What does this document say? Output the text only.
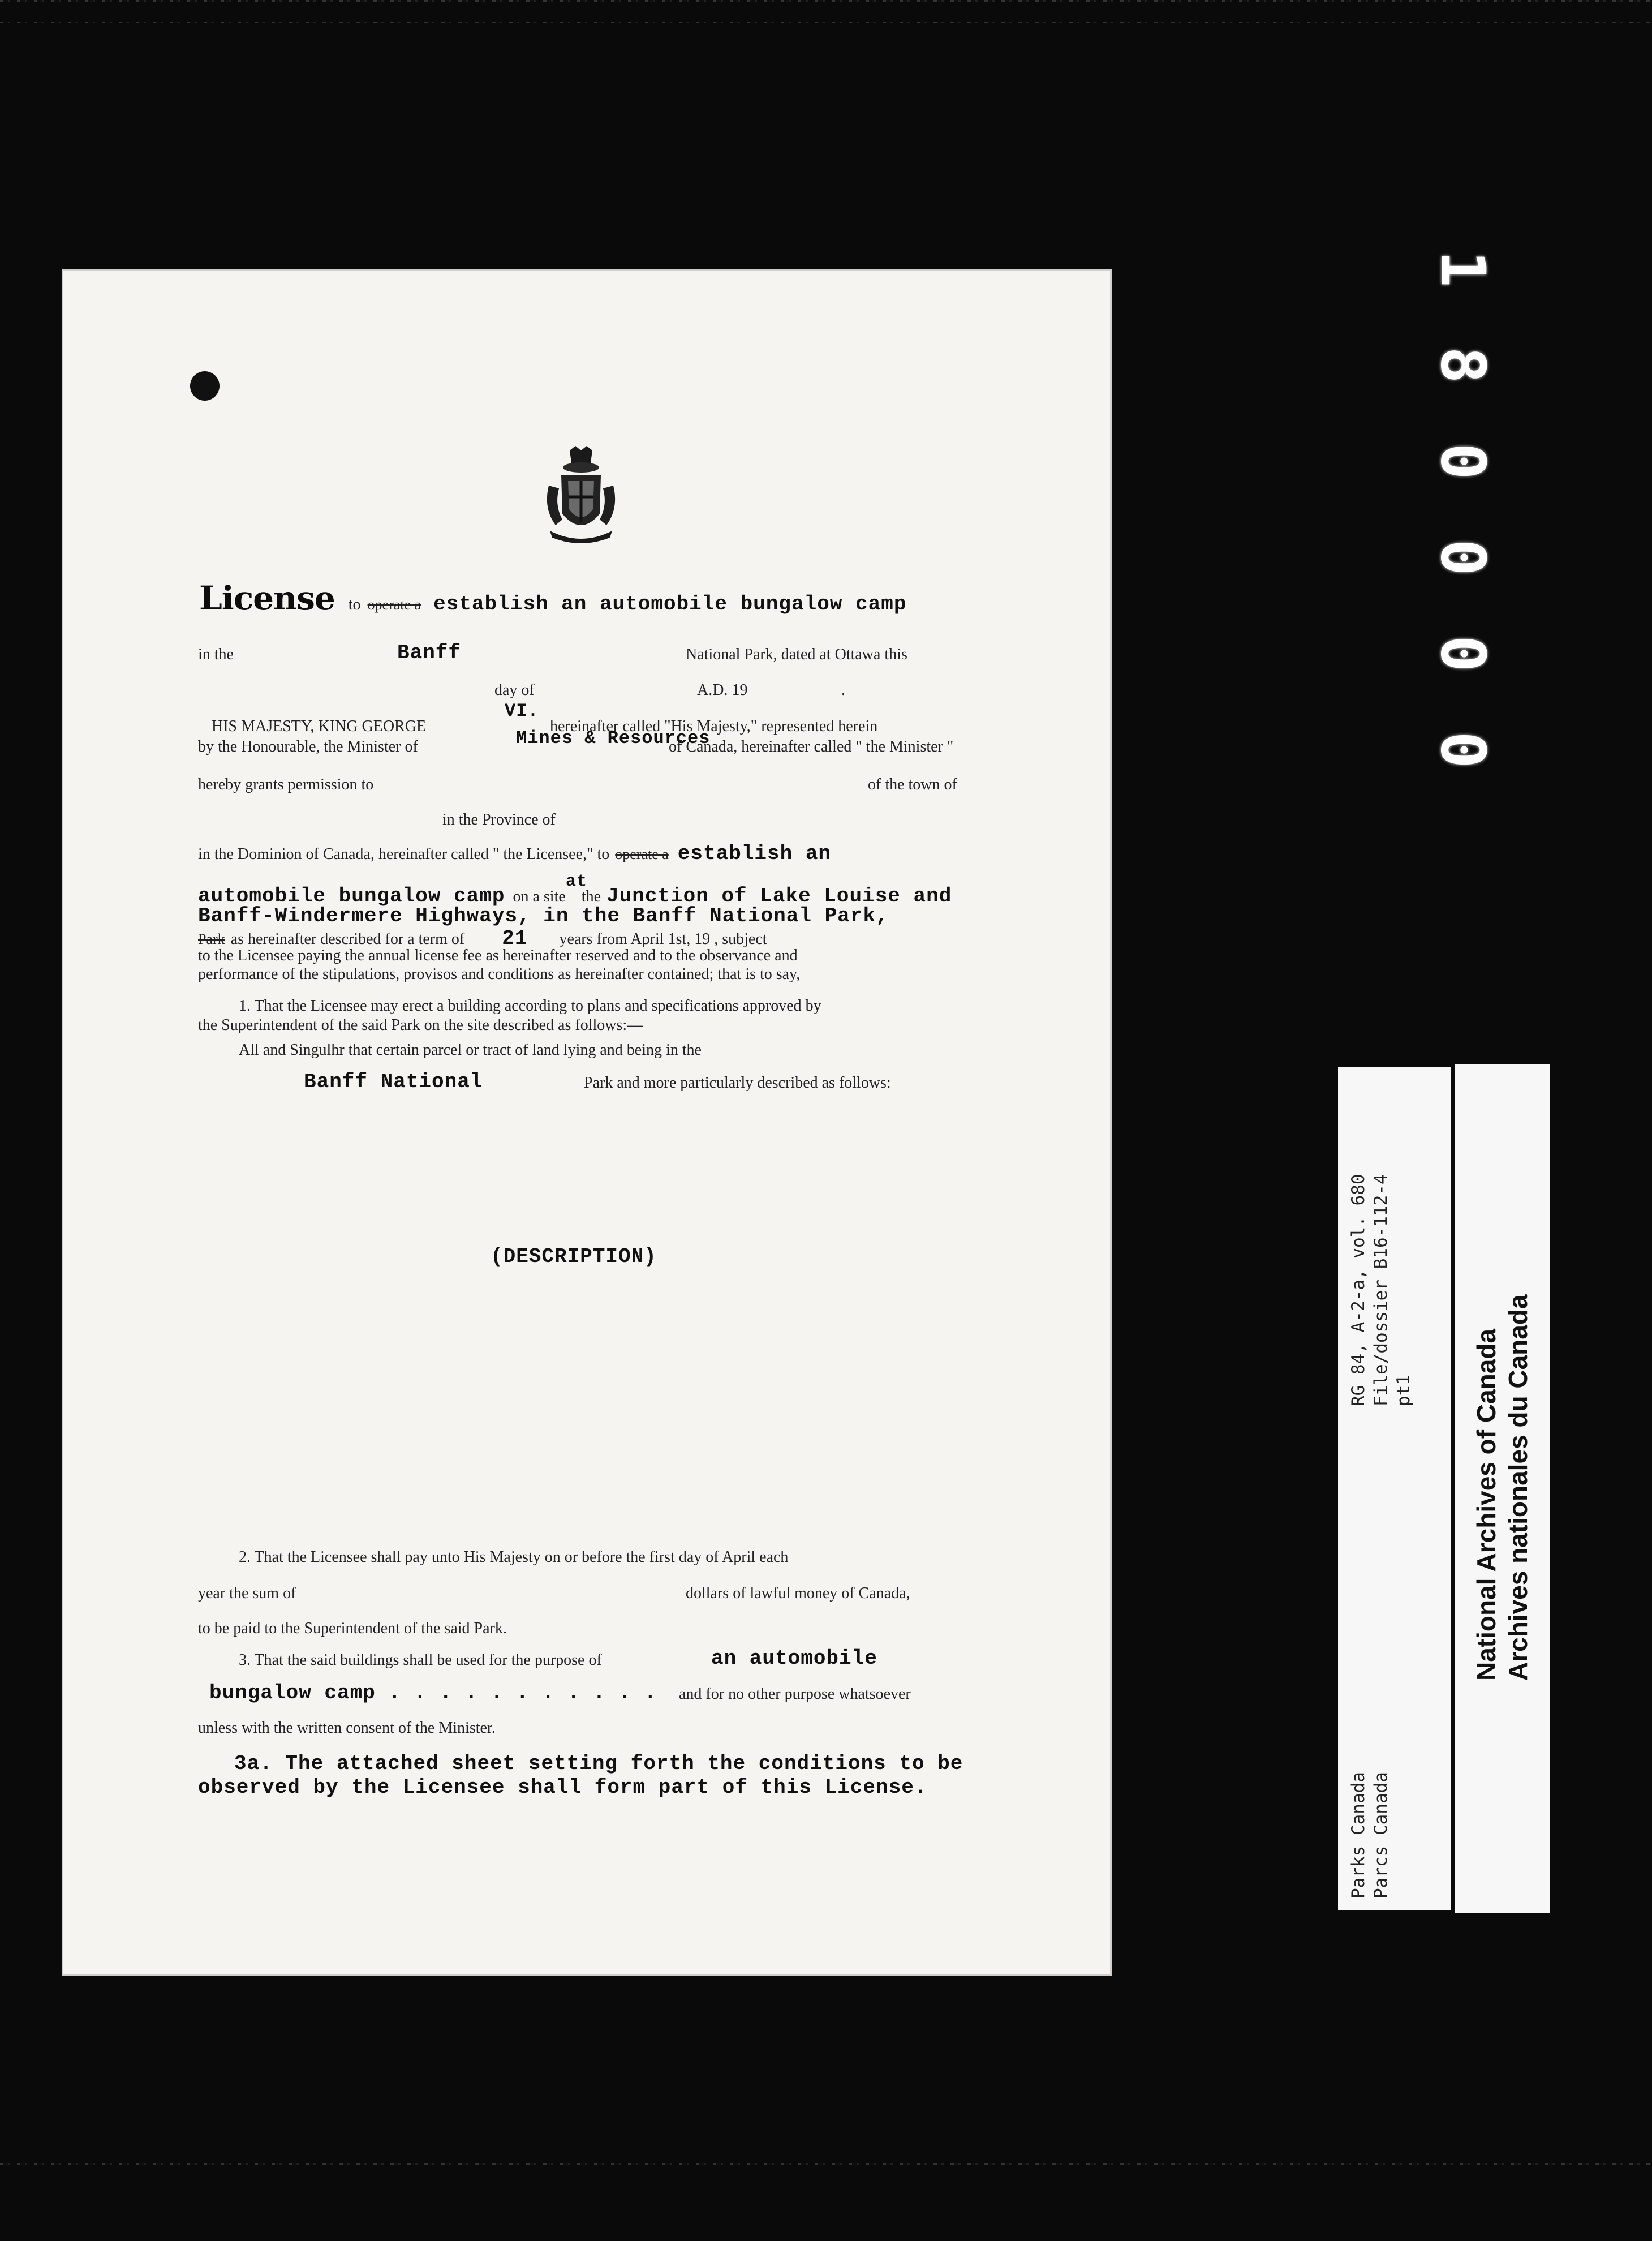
1
8
0
0
0
0
License to operate a establish an automobile bungalow camp
in the	Banff	National Park, dated at Ottawa this
day of	A.D. 19	.
HIS MAJESTY, KING GEORGE
VI.
hereinafter called "His Majesty," represented herein
by the Honourable, the Minister of	Mines & Resources
of Canada, hereinafter called " the Minister "
hereby grants permission to	of the town of
in the Province of
in the Dominion of Canada, hereinafter called " the Licensee," to operate a establish an
at
automobile bungalow camp on a site the Junction of Lake Louise and
Banff-Windermere Highways, in the Banff National Park,
Park as hereinafter described for a term of 21 years from April 1st, 19 , subject
to the Licensee paying the annual license fee as hereinafter reserved and to the observance and
performance of the stipulations, provisos and conditions as hereinafter contained; that is to say,
1. That the Licensee may erect a building according to plans and specifications approved by
the Superintendent of the said Park on the site described as follows:—
All and Singulhr that certain parcel or tract of land lying and being in the
Banff National	Park and more particularly described as follows:
(DESCRIPTION)
2. That the Licensee shall pay unto His Majesty on or before the first day of April each
year the sum of	dollars of lawful money of Canada,
to be paid to the Superintendent of the said Park.
3. That the said buildings shall be used for the purpose of	an automobile
bungalow camp . . . . . . . . . . . and for no other purpose whatsoever
unless with the written consent of the Minister.
3a. The attached sheet setting forth the conditions to be
observed by the Licensee shall form part of this License.
RG 84, A-2-a, vol. 680 File/dossier B16-112-4 pt1
Parks Canada Parcs Canada
National Archives of Canada Archives nationales du Canada
